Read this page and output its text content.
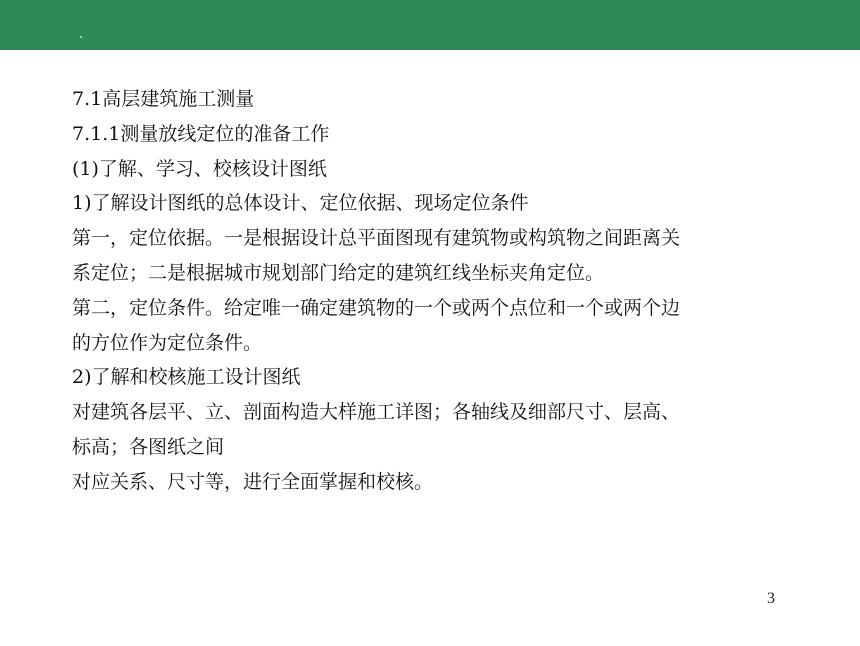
7.1高层建筑施工测量
7.1.1测量放线定位的准备工作
(1)了解、学习、校核设计图纸
1)了解设计图纸的总体设计、定位依据、现场定位条件
第一，定位依据。一是根据设计总平面图现有建筑物或构筑物之间距离关
系定位；二是根据城市规划部门给定的建筑红线坐标夹角定位。
第二，定位条件。给定唯一确定建筑物的一个或两个点位和一个或两个边
的方位作为定位条件。
2)了解和校核施工设计图纸
对建筑各层平、立、剖面构造大样施工详图；各轴线及细部尺寸、层高、
标高；各图纸之间
对应关系、尺寸等，进行全面掌握和校核。
3
